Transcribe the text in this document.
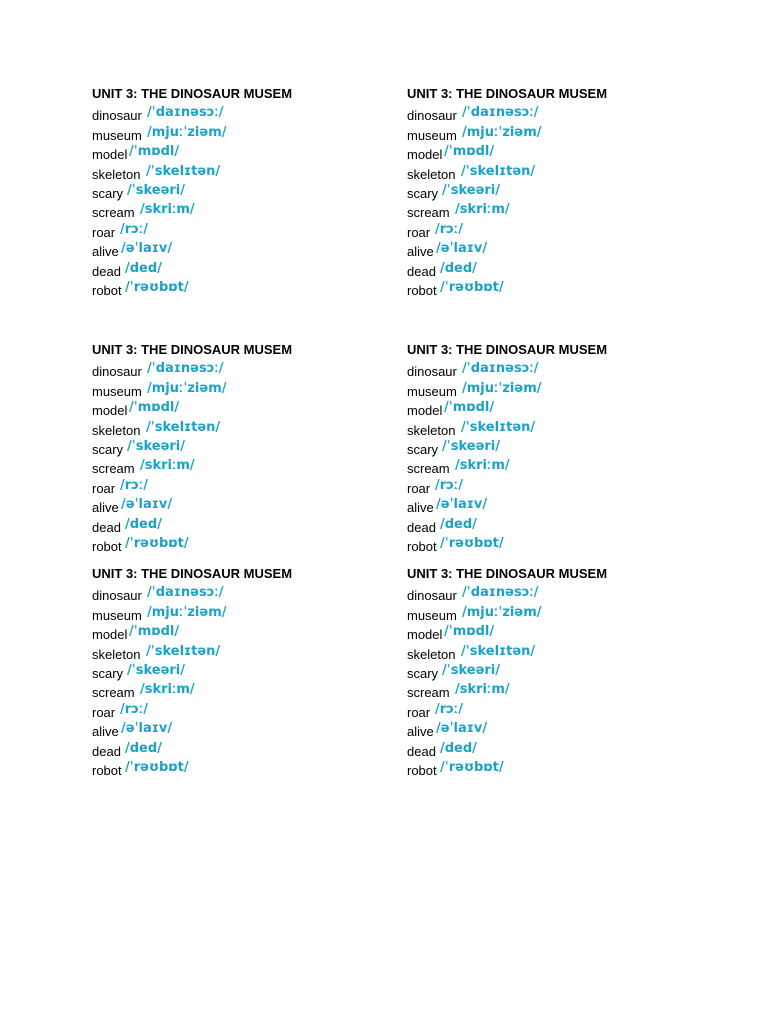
UNIT 3: THE DINOSAUR MUSEM
dinosaur /ˈdaɪnəsɔː/
museum /mjuːˈziəm/
model /ˈmɒdl/
skeleton /ˈskelɪtən/
scary /ˈskeəri/
scream /skriːm/
roar /rɔː/
alive /əˈlaɪv/
dead /ded/
robot /ˈrəʊbɒt/
UNIT 3: THE DINOSAUR MUSEM
dinosaur /ˈdaɪnəsɔː/
museum /mjuːˈziəm/
model /ˈmɒdl/
skeleton /ˈskelɪtən/
scary /ˈskeəri/
scream /skriːm/
roar /rɔː/
alive /əˈlaɪv/
dead /ded/
robot /ˈrəʊbɒt/
UNIT 3: THE DINOSAUR MUSEM
dinosaur /ˈdaɪnəsɔː/
museum /mjuːˈziəm/
model /ˈmɒdl/
skeleton /ˈskelɪtən/
scary /ˈskeəri/
scream /skriːm/
roar /rɔː/
alive /əˈlaɪv/
dead /ded/
robot /ˈrəʊbɒt/
UNIT 3: THE DINOSAUR MUSEM
dinosaur /ˈdaɪnəsɔː/
museum /mjuːˈziəm/
model /ˈmɒdl/
skeleton /ˈskelɪtən/
scary /ˈskeəri/
scream /skriːm/
roar /rɔː/
alive /əˈlaɪv/
dead /ded/
robot /ˈrəʊbɒt/
UNIT 3: THE DINOSAUR MUSEM
dinosaur /ˈdaɪnəsɔː/
museum /mjuːˈziəm/
model /ˈmɒdl/
skeleton /ˈskelɪtən/
scary /ˈskeəri/
scream /skriːm/
roar /rɔː/
alive /əˈlaɪv/
dead /ded/
robot /ˈrəʊbɒt/
UNIT 3: THE DINOSAUR MUSEM
dinosaur /ˈdaɪnəsɔː/
museum /mjuːˈziəm/
model /ˈmɒdl/
skeleton /ˈskelɪtən/
scary /ˈskeəri/
scream /skriːm/
roar /rɔː/
alive /əˈlaɪv/
dead /ded/
robot /ˈrəʊbɒt/
